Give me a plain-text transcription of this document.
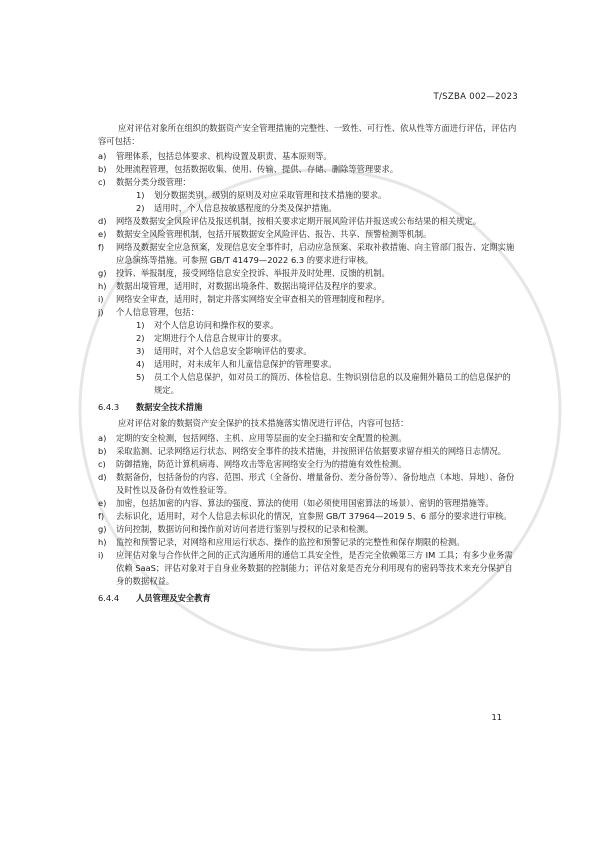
T/SZBA 002—2023

应对评估对象所在组织的数据资产安全管理措施的完整性、一致性、可行性、依从性等方面进行评估，评估内容可包括：

a) 管理体系，包括总体要求、机构设置及职责、基本原则等。
b) 处理流程管理，包括数据收集、使用、传输、提供、存储、删除等管理要求。
c) 数据分类分级管理：
1) 划分数据类别、级别的原则及对应采取管理和技术措施的要求。
2) 适用时，个人信息按敏感程度的分类及保护措施。
d) 网络及数据安全风险评估及报送机制，按相关要求定期开展风险评估并报送或公布结果的相关规定。
e) 数据安全风险管理机制，包括开展数据安全风险评估、报告、共享、预警检测等机制。
f) 网络及数据安全应急预案，发现信息安全事件时，启动应急预案、采取补救措施、向主管部门报告、定期实施应急演练等措施。可参照 GB/T 41479—2022 6.3 的要求进行审核。
g) 投诉、举报制度，接受网络信息安全投诉、举报并及时处理、反馈的机制。
h) 数据出境管理，适用时，对数据出境条件、数据出境评估及程序的要求。
i) 网络安全审查，适用时，制定并落实网络安全审查相关的管理制度和程序。
j) 个人信息管理，包括：
1) 对个人信息访问和操作权的要求。
2) 定期进行个人信息合规审计的要求。
3) 适用时，对个人信息安全影响评估的要求。
4) 适用时，对未成年人和儿童信息保护的管理要求。
5) 员工个人信息保护，如对员工的简历、体检信息、生物识别信息的以及雇佣外籍员工的信息保护的规定。
6.4.3 数据安全技术措施

应对评估对象的数据资产安全保护的技术措施落实情况进行评估，内容可包括：

a) 定期的安全检测，包括网络、主机、应用等层面的安全扫描和安全配置的检测。
b) 采取监测、记录网络运行状态、网络安全事件的技术措施，并按照评估依据要求留存相关的网络日志情况。
c) 防御措施，防范计算机病毒、网络攻击等危害网络安全行为的措施有效性检测。
d) 数据备份，包括备份的内容、范围、形式（全备份、增量备份、差分备份等）、备份地点（本地、异地）、备份及时性以及备份有效性验证等。
e) 加密，包括加密的内容、算法的强度、算法的使用（如必须使用国密算法的场景）、密钥的管理措施等。
f) 去标识化，适用时，对个人信息去标识化的情况，宜参照 GB/T 37964—2019 5、6 部分的要求进行审核。
g) 访问控制，数据访问和操作前对访问者进行鉴别与授权的记录和检测。
h) 监控和预警记录，对网络和应用运行状态、操作的监控和预警记录的完整性和保存期限的检测。
i) 应评估对象与合作伙伴之间的正式沟通所用的通信工具安全性，是否完全依赖第三方 IM 工具；有多少业务需依赖 SaaS；评估对象对于自身业务数据的控制能力；评估对象是否充分利用现有的密码等技术来充分保护自身的数据权益。
6.4.4 人员管理及安全教育
11
